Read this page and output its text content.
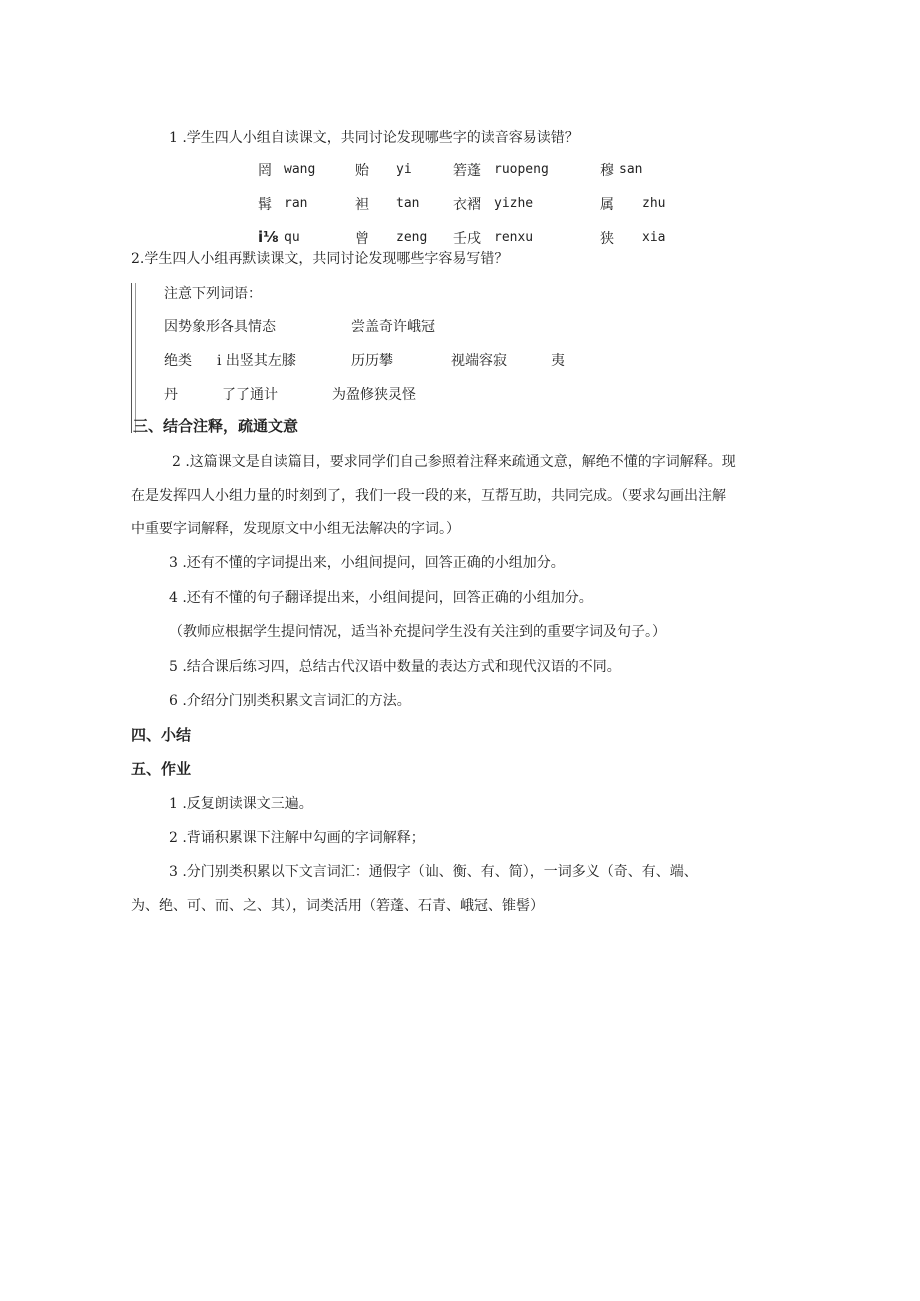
1 .学生四人小组自读课文，共同讨论发现哪些字的读音容易读错？
罔 wang	贻 yi	箬蓬 ruopeng	穆 san
髯 ran	袒 tan 衣褶 yizhe	属 zhu
i⅛ qu	曾 zeng 壬戌 renxu	狭 xia
2.学生四人小组再默读课文，共同讨论发现哪些字容易写错？
注意下列词语：
因势象形各具情态	尝盖奇许峨冠
绝类 i 出竖其左膝	历历攀	视端容寂	夷
丹	了了通计	为盈修狭灵怪
三、结合注释，疏通文意
2 .这篇课文是自读篇目，要求同学们自己参照着注释来疏通文意，解绝不懂的字词解释。现
在是发挥四人小组力量的时刻到了，我们一段一段的来，互帮互助，共同完成。（要求勾画出注解
中重要字词解释，发现原文中小组无法解决的字词。）
3 .还有不懂的字词提出来，小组间提问，回答正确的小组加分。
4 .还有不懂的句子翻译提出来，小组间提问，回答正确的小组加分。
（教师应根据学生提问情况，适当补充提问学生没有关注到的重要字词及句子。）
5 .结合课后练习四，总结古代汉语中数量的表达方式和现代汉语的不同。
6 .介绍分门别类积累文言词汇的方法。
四、小结
五、作业
1 .反复朗读课文三遍。
2 .背诵积累课下注解中勾画的字词解释；
3 .分门别类积累以下文言词汇：通假字（讪、衡、有、简），一词多义（奇、有、端、
为、绝、可、而、之、其），词类活用（箬蓬、石青、峨冠、锥髻）
